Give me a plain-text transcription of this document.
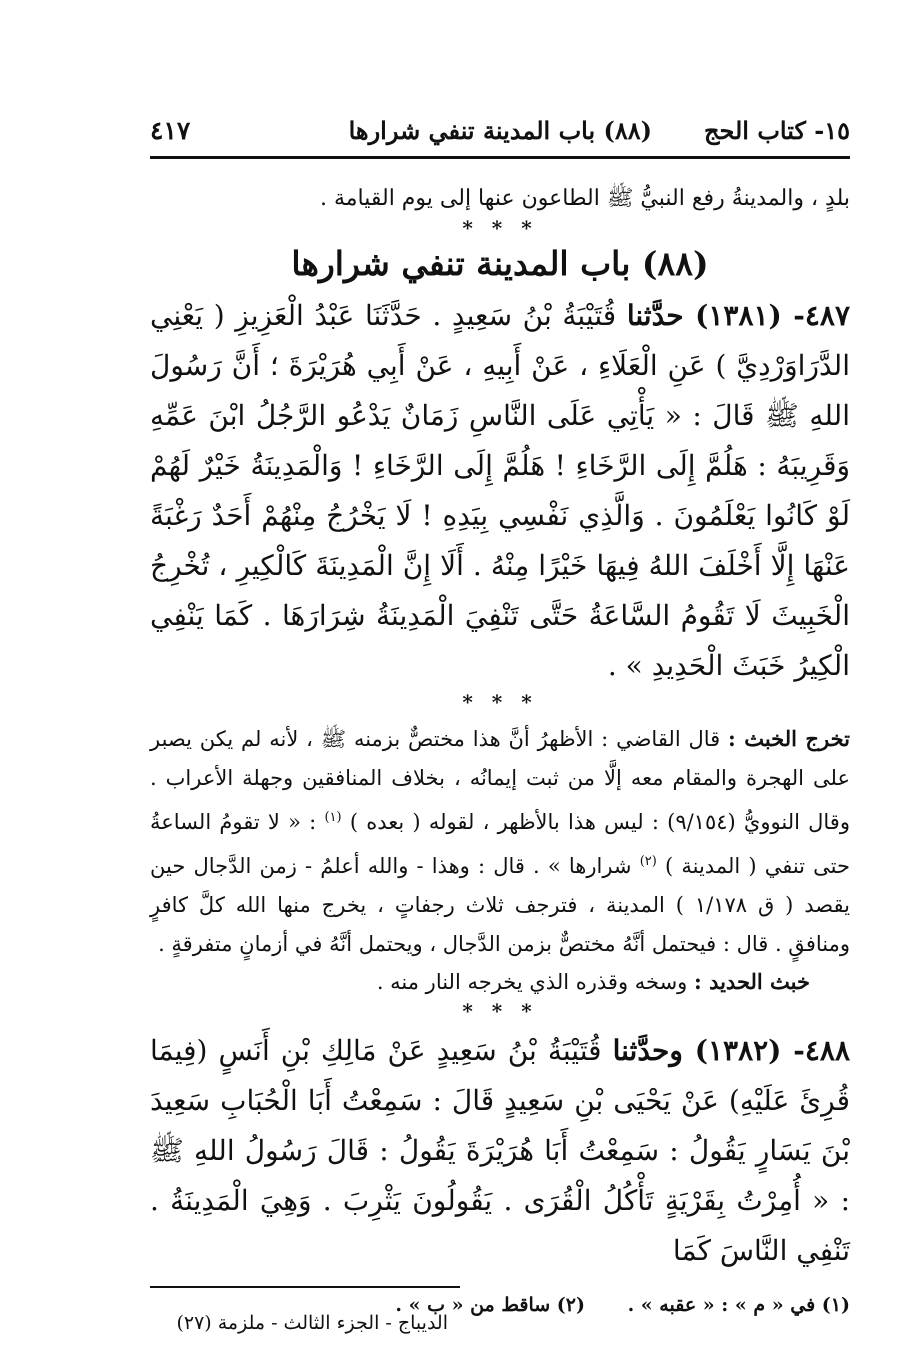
١٥- كتاب الحج(٨٨) باب المدينة تنفي شرارها
٤١٧

بلدٍ ، والمدينةُ رفع النبيُّ ﷺ الطاعون عنها إلى يوم القيامة .

* * *
(٨٨) باب المدينة تنفي شرارها

٤٨٧- (١٣٨١) حدَّثنا قُتَيْبَةُ بْنُ سَعِيدٍ . حَدَّثَنَا عَبْدُ الْعَزِيزِ ( يَعْنِي الدَّرَاوَرْدِيَّ ) عَنِ الْعَلَاءِ ، عَنْ أَبِيهِ ، عَنْ أَبِي هُرَيْرَةَ ؛ أَنَّ رَسُولَ اللهِ ﷺ قَالَ : « يَأْتِي عَلَى النَّاسِ زَمَانٌ يَدْعُو الرَّجُلُ ابْنَ عَمِّهِ وَقَرِيبَهُ : هَلُمَّ إِلَى الرَّخَاءِ ! هَلُمَّ إِلَى الرَّخَاءِ ! وَالْمَدِينَةُ خَيْرٌ لَهُمْ لَوْ كَانُوا يَعْلَمُونَ . وَالَّذِي نَفْسِي بِيَدِهِ ! لَا يَخْرُجُ مِنْهُمْ أَحَدٌ رَغْبَةً عَنْهَا إِلَّا أَخْلَفَ اللهُ فِيهَا خَيْرًا مِنْهُ . أَلَا إِنَّ الْمَدِينَةَ كَالْكِيرِ ، تُخْرِجُ الْخَبِيثَ لَا تَقُومُ السَّاعَةُ حَتَّى تَنْفِيَ الْمَدِينَةُ شِرَارَهَا . كَمَا يَنْفِي الْكِيرُ خَبَثَ الْحَدِيدِ » .

* * *

تخرج الخبث : قال القاضي : الأظهرُ أنَّ هذا مختصٌّ بزمنه ﷺ ، لأنه لم يكن يصبر على الهجرة والمقام معه إلَّا من ثبت إيمانُه ، بخلاف المنافقين وجهلة الأعراب . وقال النوويُّ (٩/١٥٤) : ليس هذا بالأظهر ، لقوله ( بعده ) $^{(١)}$ : « لا تقومُ الساعةُ حتى تنفي ( المدينة ) $^{(٢)}$ شرارها » . قال : وهذا - والله أعلمُ - زمن الدَّجال حين يقصد ( ق ١/١٧٨ ) المدينة ، فترجف ثلاث رجفاتٍ ، يخرج منها الله كلَّ كافرٍ ومنافقٍ . قال : فيحتمل أنَّهُ مختصٌّ بزمن الدَّجال ، ويحتمل أنَّهُ في أزمانٍ متفرقةٍ .

خبث الحديد : وسخه وقذره الذي يخرجه النار منه .

* * *

٤٨٨- (١٣٨٢) وحدَّثنا قُتَيْبَةُ بْنُ سَعِيدٍ عَنْ مَالِكِ بْنِ أَنَسٍ (فِيمَا قُرِئَ عَلَيْهِ) عَنْ يَحْيَى بْنِ سَعِيدٍ قَالَ : سَمِعْتُ أَبَا الْحُبَابِ سَعِيدَ بْنَ يَسَارٍ يَقُولُ : سَمِعْتُ أَبَا هُرَيْرَةَ يَقُولُ : قَالَ رَسُولُ اللهِ ﷺ : « أُمِرْتُ بِقَرْيَةٍ تَأْكُلُ الْقُرَى . يَقُولُونَ يَثْرِبَ . وَهِيَ الْمَدِينَةُ . تَنْفِي النَّاسَ كَمَا

(١) في « م » : « عقبه » .
(٢) ساقط من « ب » .
الديباج - الجزء الثالث - ملزمة (٢٧)
